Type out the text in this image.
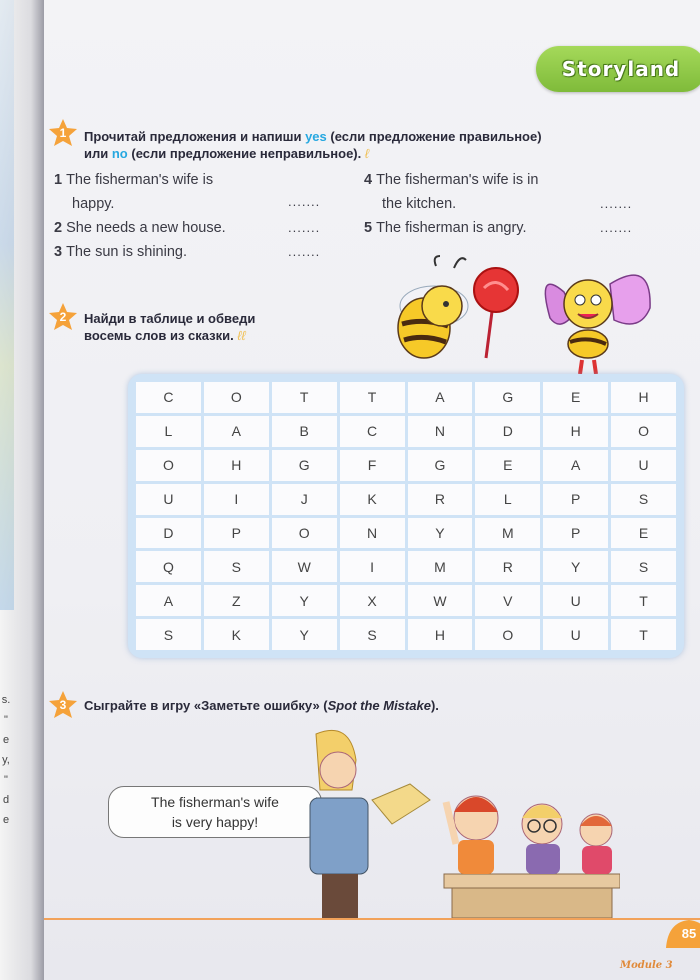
s.
"
e
y,
"
d
e
Storyland
1 Прочитай предложения и напиши yes (если предложение правильное)
или no (если предложение неправильное). ℓ
1 The fisherman's wife is
happy.	.......
2 She needs a new house.	.......
3 The sun is shining.	.......
4 The fisherman's wife is in
the kitchen.	.......
5 The fisherman is angry.	.......
2 Найди в таблице и обведи
восемь слов из сказки. ℓℓ
C	O	T	T	A	G	E	H
L	A	B	C	N	D	H	O
O	H	G	F	G	E	A	U
U	I	J	K	R	L	P	S
D	P	O	N	Y	M	P	E
Q	S	W	I	M	R	Y	S
A	Z	Y	X	W	V	U	T
S	K	Y	S	H	O	U	T
3 Сыграйте в игру «Заметьте ошибку» (Spot the Mistake).
The fisherman's wife
is very happy!
85
Module 3
